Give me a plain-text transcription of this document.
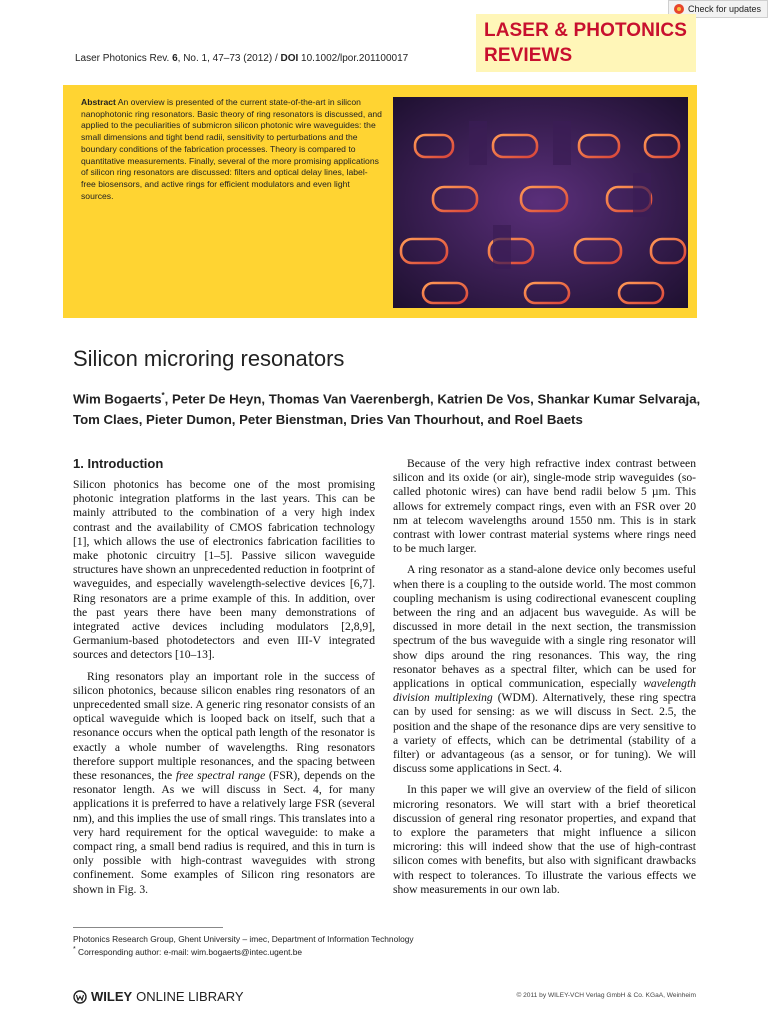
Check for updates
Laser Photonics Rev. 6, No. 1, 47–73 (2012) / DOI 10.1002/lpor.201100017
LASER & PHOTONICS
REVIEWS
Abstract An overview is presented of the current state-of-the-art in silicon nanophotonic ring resonators. Basic theory of ring resonators is discussed, and applied to the peculiarities of submicron silicon photonic wire waveguides: the small dimensions and tight bend radii, sensitivity to perturbations and the boundary conditions of the fabrication processes. Theory is compared to quantitative measurements. Finally, several of the more promising applications of silicon ring resonators are discussed: filters and optical delay lines, label-free biosensors, and active rings for efficient modulators and even light sources.
Silicon microring resonators
Wim Bogaerts*, Peter De Heyn, Thomas Van Vaerenbergh, Katrien De Vos, Shankar Kumar Selvaraja, Tom Claes, Pieter Dumon, Peter Bienstman, Dries Van Thourhout, and Roel Baets
1. Introduction

Silicon photonics has become one of the most promising photonic integration platforms in the last years. This can be mainly attributed to the combination of a very high index contrast and the availability of CMOS fabrication technology [1], which allows the use of electronics fabrication facilities to make photonic circuitry [1–5]. Passive silicon waveguide structures have shown an unprecedented reduction in footprint of waveguides, and especially wavelength-selective devices [6,7]. Ring resonators are a prime example of this. In addition, over the past years there have been many demonstrations of integrated active devices including modulators [2,8,9], Germanium-based photodetectors and even III-V integrated sources and detectors [10–13].

Ring resonators play an important role in the success of silicon photonics, because silicon enables ring resonators of an unprecedented small size. A generic ring resonator consists of an optical waveguide which is looped back on itself, such that a resonance occurs when the optical path length of the resonator is exactly a whole number of wavelengths. Ring resonators therefore support multiple resonances, and the spacing between these resonances, the free spectral range (FSR), depends on the resonator length. As we will discuss in Sect. 4, for many applications it is preferred to have a relatively large FSR (several nm), and this implies the use of small rings. This translates into a very hard requirement for the optical waveguide: to make a compact ring, a small bend radius is required, and this in turn is only possible with high-contrast waveguides with strong confinement. Some examples of Silicon ring resonators are shown in Fig. 3.

Because of the very high refractive index contrast between silicon and its oxide (or air), single-mode strip waveguides (so-called photonic wires) can have bend radii below 5 µm. This allows for extremely compact rings, even with an FSR over 20 nm at telecom wavelengths around 1550 nm. This is in stark contrast with lower contrast material systems where rings need to be much larger.

A ring resonator as a stand-alone device only becomes useful when there is a coupling to the outside world. The most common coupling mechanism is using codirectional evanescent coupling between the ring and an adjacent bus waveguide. As will be discussed in more detail in the next section, the transmission spectrum of the bus waveguide with a single ring resonator will show dips around the ring resonances. This way, the ring resonator behaves as a spectral filter, which can be used for applications in optical communication, especially wavelength division multiplexing (WDM). Alternatively, these ring spectra can by used for sensing: as we will discuss in Sect. 2.5, the position and the shape of the resonance dips are very sensitive to a variety of effects, which can be detrimental (stability of a filter) or advantageous (as a sensor, or for tuning). We will discuss some applications in Sect. 4.

In this paper we will give an overview of the field of silicon microring resonators. We will start with a brief theoretical discussion of general ring resonator properties, and expand that to explore the parameters that might influence a silicon microring: this will indeed show that the use of high-contrast silicon comes with benefits, but also with significant drawbacks with respect to tolerances. To illustrate the various effects we show measurements in our own lab.

Photonics Research Group, Ghent University – imec, Department of Information Technology
* Corresponding author: e-mail: wim.bogaerts@intec.ugent.be
WILEY ONLINE LIBRARY	© 2011 by WILEY-VCH Verlag GmbH & Co. KGaA, Weinheim
